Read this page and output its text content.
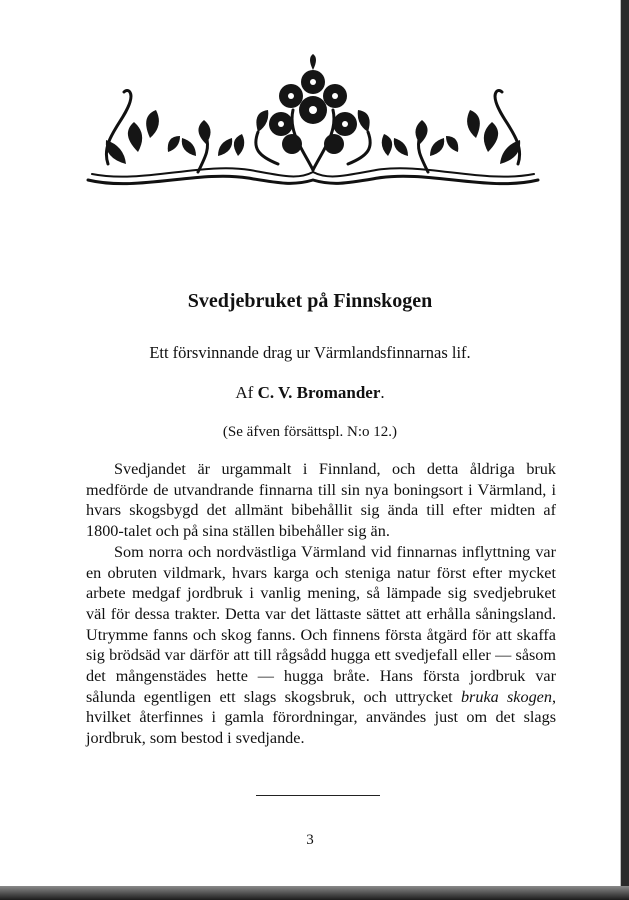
Svedjebruket på Finnskogen
Ett försvinnande drag ur Värmlandsfinnarnas lif.
Af C. V. Bromander.
(Se äfven försättspl. N:o 12.)

Svedjandet är urgammalt i Finnland, och detta åldriga bruk medförde de utvandrande finnarna till sin nya boningsort i Värmland, i hvars skogsbygd det allmänt bibehållit sig ända till efter midten af 1800-talet och på sina ställen bibehåller sig än.

Som norra och nordvästliga Värmland vid finnarnas inflyttning var en obruten vildmark, hvars karga och steniga natur först efter mycket arbete medgaf jordbruk i vanlig mening, så lämpade sig svedjebruket väl för dessa trakter. Detta var det lättaste sättet att erhålla såningsland. Utrymme fanns och skog fanns. Och finnens första åtgärd för att skaffa sig brödsäd var därför att till rågsådd hugga ett svedjefall eller — såsom det mångenstädes hette — hugga bråte. Hans första jordbruk var sålunda egentligen ett slags skogsbruk, och uttrycket bruka skogen, hvilket återfinnes i gamla förordningar, användes just om det slags jordbruk, som bestod i svedjande.

3
